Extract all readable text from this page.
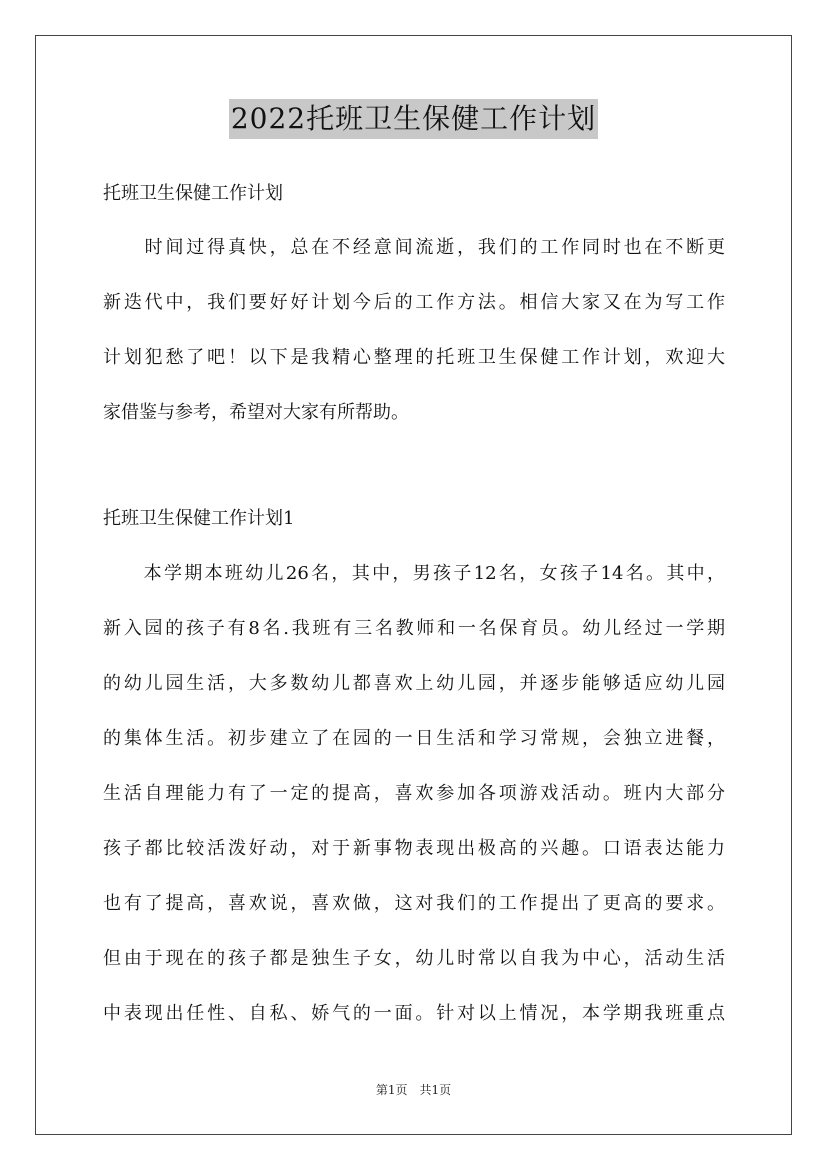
2022托班卫生保健工作计划
托班卫生保健工作计划
　　时间过得真快，总在不经意间流逝，我们的工作同时也在不断更
新迭代中，我们要好好计划今后的工作方法。相信大家又在为写工作
计划犯愁了吧！以下是我精心整理的托班卫生保健工作计划，欢迎大
家借鉴与参考，希望对大家有所帮助。
托班卫生保健工作计划1
　　本学期本班幼儿26名，其中，男孩子12名，女孩子14名。其中，
新入园的孩子有8名.我班有三名教师和一名保育员。幼儿经过一学期
的幼儿园生活，大多数幼儿都喜欢上幼儿园，并逐步能够适应幼儿园
的集体生活。初步建立了在园的一日生活和学习常规，会独立进餐，
生活自理能力有了一定的提高，喜欢参加各项游戏活动。班内大部分
孩子都比较活泼好动，对于新事物表现出极高的兴趣。口语表达能力
也有了提高，喜欢说，喜欢做，这对我们的工作提出了更高的要求。
但由于现在的孩子都是独生子女，幼儿时常以自我为中心，活动生活
中表现出任性、自私、娇气的一面。针对以上情况，本学期我班重点
第1页　共1页
